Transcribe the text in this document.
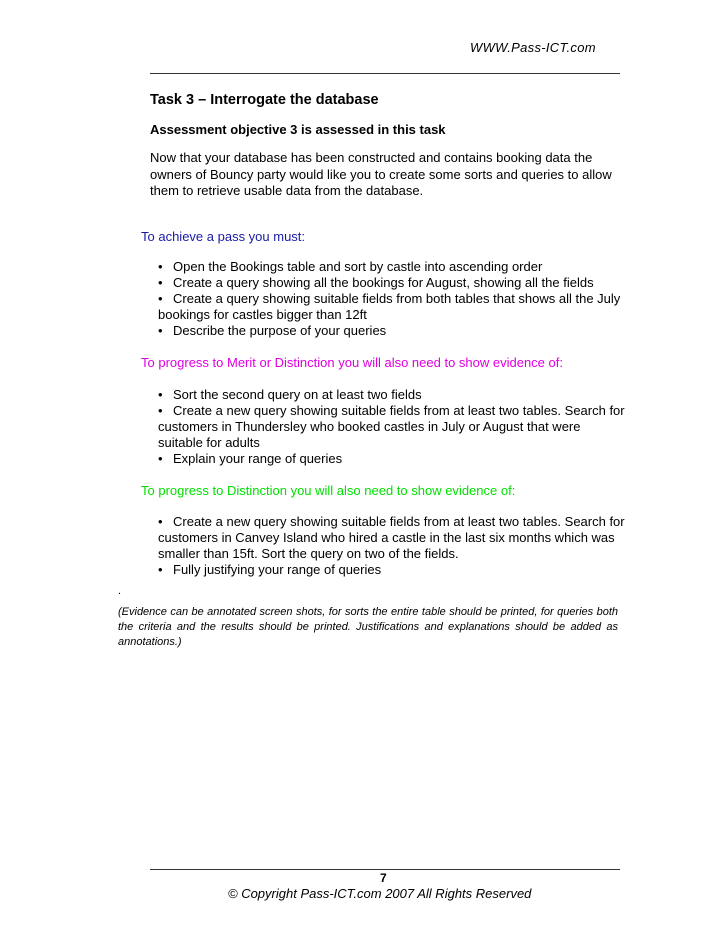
WWW.Pass-ICT.com
Task 3 – Interrogate the database
Assessment objective 3 is assessed in this task
Now that your database has been constructed and contains booking data the owners of Bouncy party would like you to create some sorts and queries to allow them to retrieve usable data from the database.
To achieve a pass you must:
• Open the Bookings table and sort by castle into ascending order
• Create a query showing all the bookings for August, showing all the fields
• Create a query showing suitable fields from both tables that shows all the July bookings for castles bigger than 12ft
• Describe the purpose of your queries
To progress to Merit or Distinction you will also need to show evidence of:
• Sort the second query on at least two fields
• Create a new query showing suitable fields from at least two tables. Search for customers in Thundersley who booked castles in July or August that were suitable for adults
• Explain your range of queries
To progress to Distinction you will also need to show evidence of:
• Create a new query showing suitable fields from at least two tables. Search for customers in Canvey Island who hired a castle in the last six months which was smaller than 15ft. Sort the query on two of the fields.
• Fully justifying your range of queries
.
(Evidence can be annotated screen shots, for sorts the entire table should be printed, for queries both the criteria and the results should be printed. Justifications and explanations should be added as annotations.)
7
© Copyright Pass-ICT.com 2007 All Rights Reserved
